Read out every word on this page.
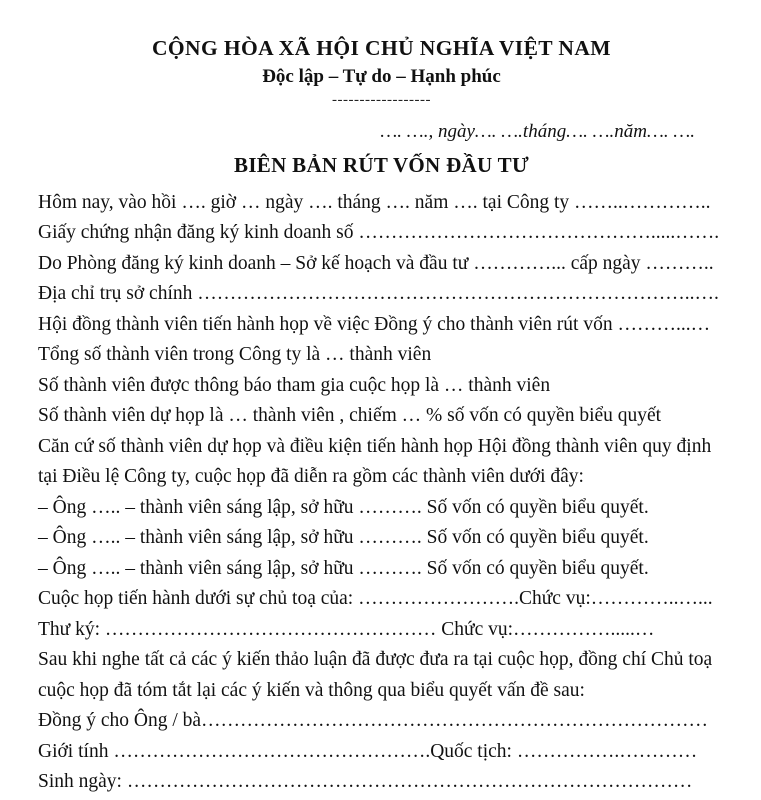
CỘNG HÒA XÃ HỘI CHỦ NGHĨA VIỆT NAM
Độc lập – Tự do – Hạnh phúc
------------------
…. …., ngày…. ….tháng…. ….năm…. ….
BIÊN BẢN RÚT VỐN ĐẦU TƯ

Hôm nay, vào hồi …. giờ … ngày …. tháng …. năm …. tại Công ty ……..…………..

Giấy chứng nhận đăng ký kinh doanh số ……………………………………….....…….

Do Phòng đăng ký kinh doanh – Sở kế hoạch và đầu tư …………... cấp ngày ………..

Địa chỉ trụ sở chính …………………………………………………………………..….

Hội đồng thành viên tiến hành họp về việc Đồng ý cho thành viên rút vốn ………...…

Tổng số thành viên trong Công ty là … thành viên

Số thành viên được thông báo tham gia cuộc họp là … thành viên

Số thành viên dự họp là … thành viên , chiếm … % số vốn có quyền biểu quyết

Căn cứ số thành viên dự họp và điều kiện tiến hành họp Hội đồng thành viên quy định tại Điều lệ Công ty, cuộc họp đã diễn ra gồm các thành viên dưới đây:

– Ông ….. – thành viên sáng lập, sở hữu ………. Số vốn có quyền biểu quyết.

– Ông ….. – thành viên sáng lập, sở hữu ………. Số vốn có quyền biểu quyết.

– Ông ….. – thành viên sáng lập, sở hữu ………. Số vốn có quyền biểu quyết.

Cuộc họp tiến hành dưới sự chủ toạ của: …………………….Chức vụ:…………..…...

Thư ký: …………………………………………… Chức vụ:…………….....…

Sau khi nghe tất cả các ý kiến thảo luận đã được đưa ra tại cuộc họp, đồng chí Chủ toạ cuộc họp đã tóm tắt lại các ý kiến và thông qua biểu quyết vấn đề sau:

Đồng ý cho Ông / bà……………………………………………………………………

Giới tính ………………………………………….Quốc tịch: …………….…………

Sinh ngày: ……………………………………………………………………………
